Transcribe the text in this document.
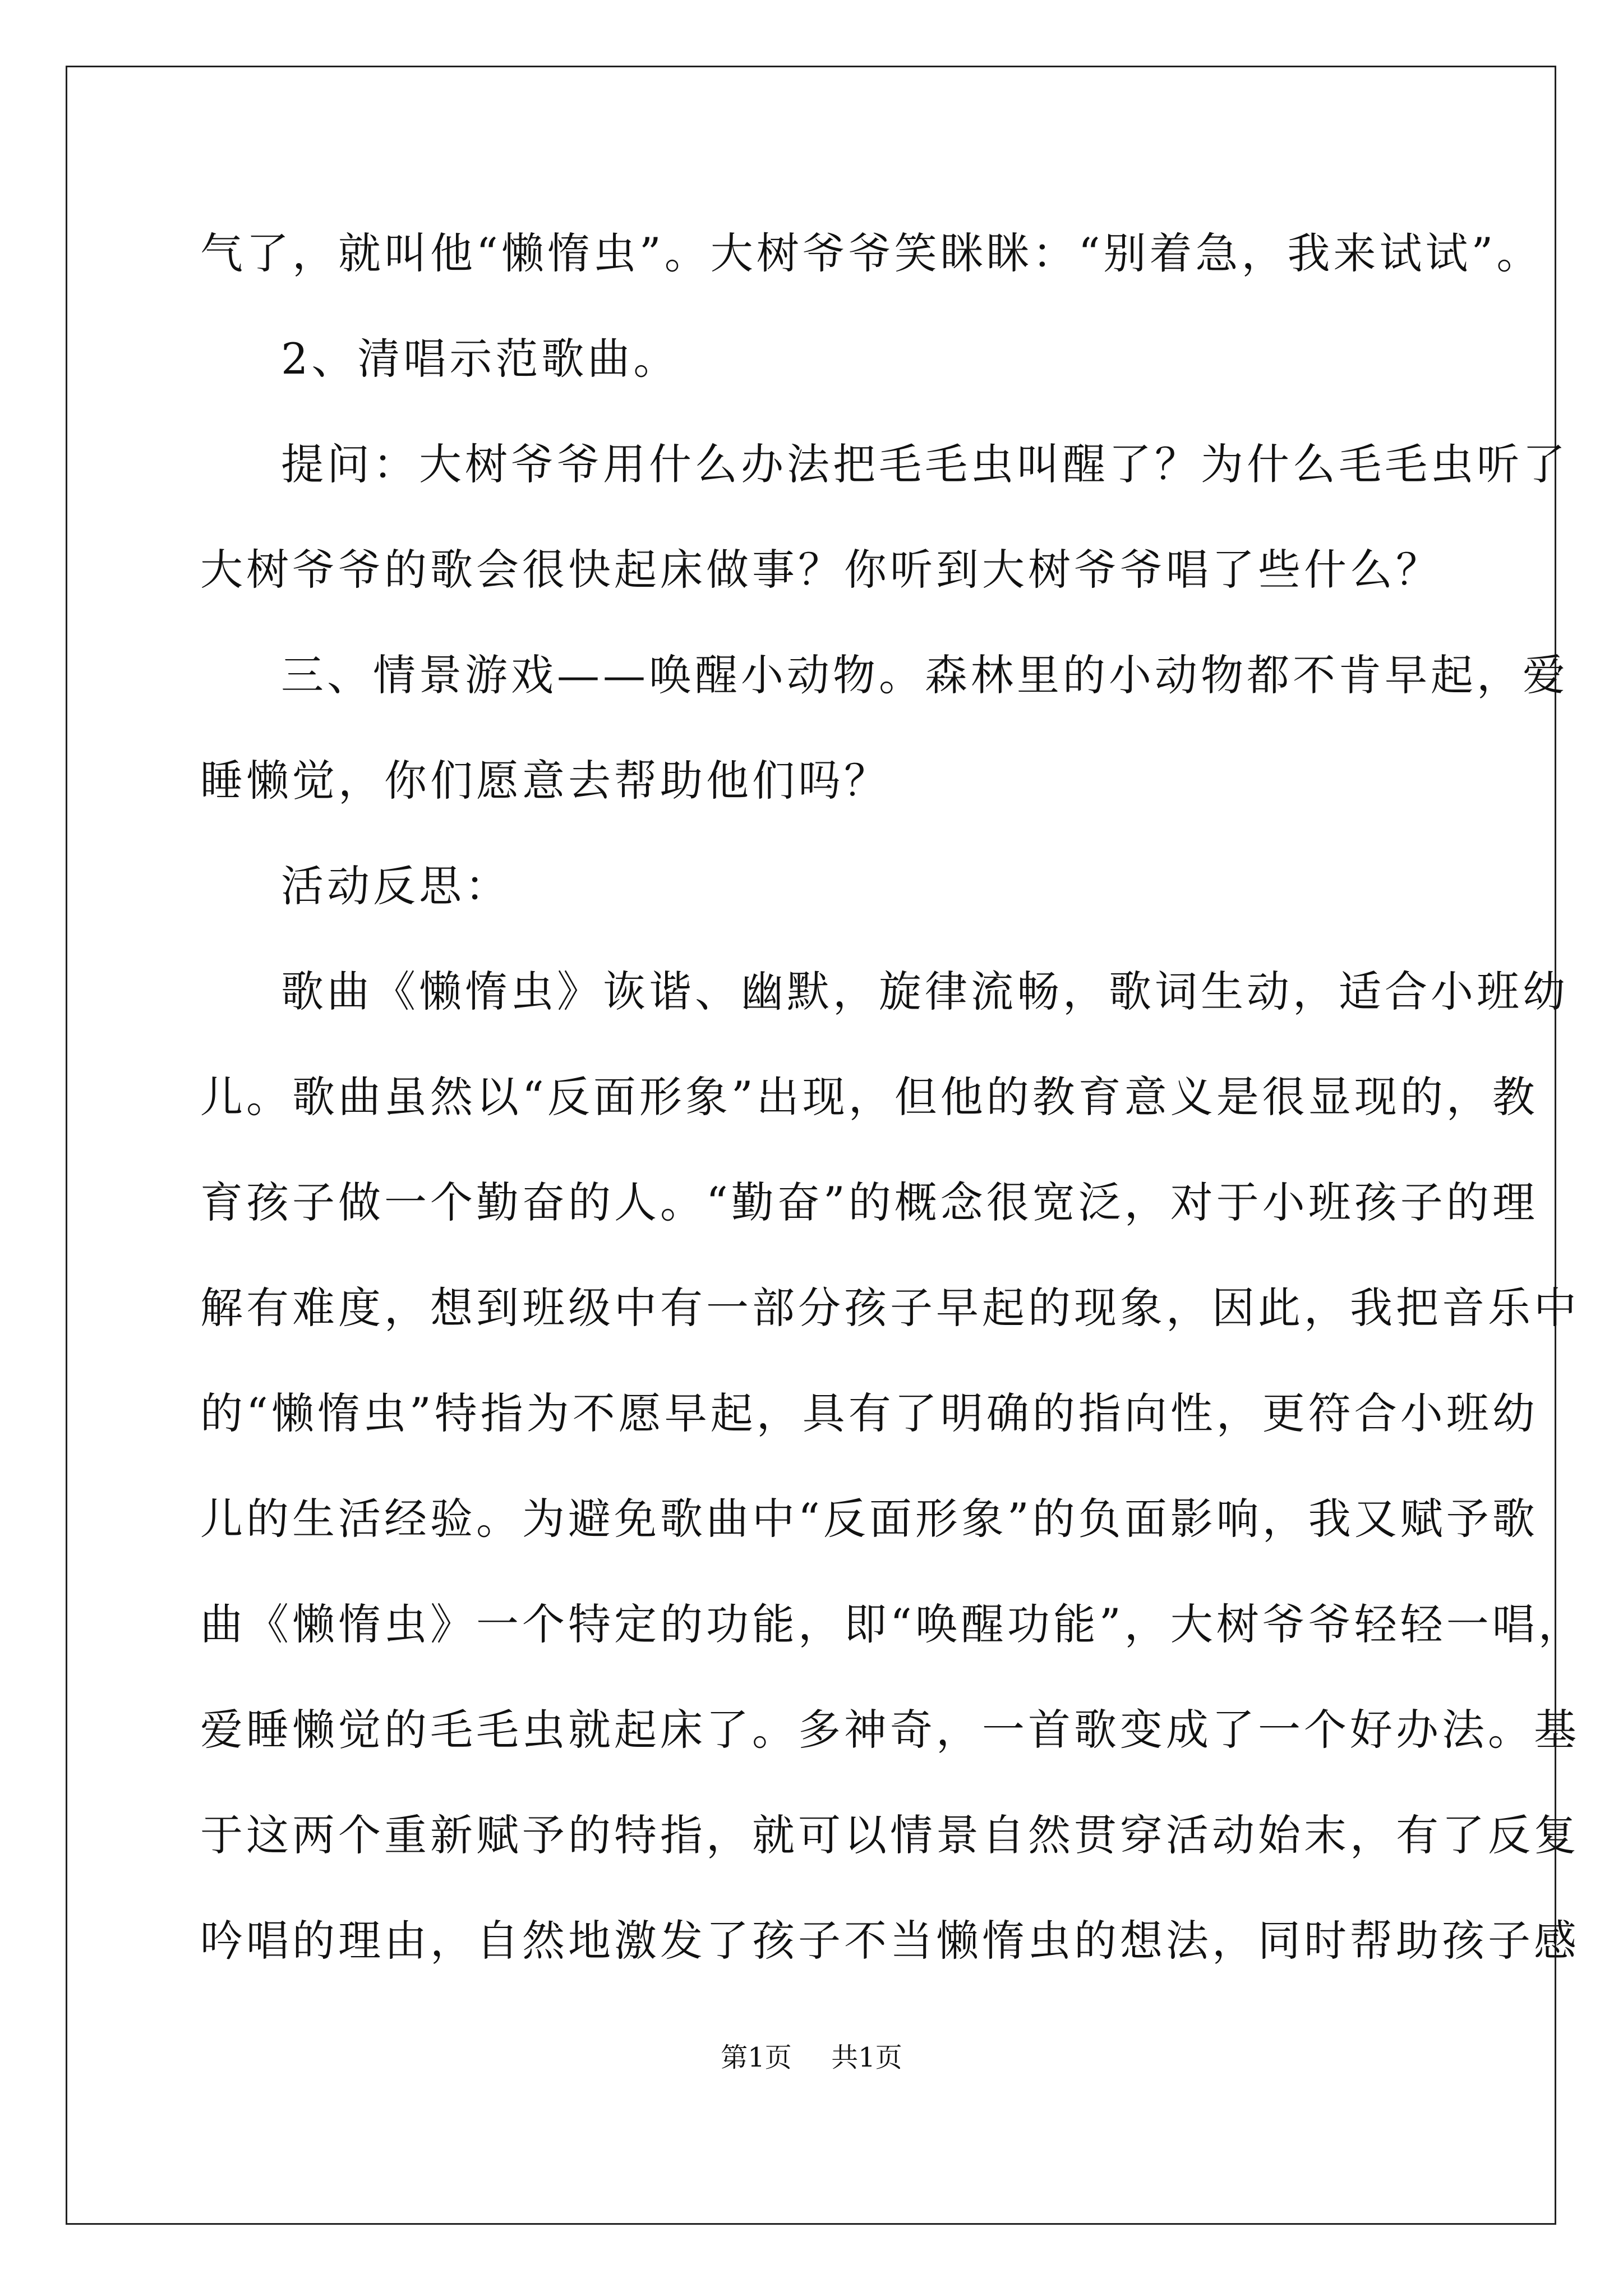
气了，就叫他“懒惰虫”。大树爷爷笑眯眯：“别着急，我来试试”。
2、清唱示范歌曲。
提问：大树爷爷用什么办法把毛毛虫叫醒了？为什么毛毛虫听了
大树爷爷的歌会很快起床做事？你听到大树爷爷唱了些什么？
三、情景游戏——唤醒小动物。森林里的小动物都不肯早起，爱
睡懒觉，你们愿意去帮助他们吗？
活动反思：
歌曲《懒惰虫》诙谐、幽默，旋律流畅，歌词生动，适合小班幼
儿。歌曲虽然以“反面形象”出现，但他的教育意义是很显现的，教
育孩子做一个勤奋的人。“勤奋”的概念很宽泛，对于小班孩子的理
解有难度，想到班级中有一部分孩子早起的现象，因此，我把音乐中
的“懒惰虫”特指为不愿早起，具有了明确的指向性，更符合小班幼
儿的生活经验。为避免歌曲中“反面形象”的负面影响，我又赋予歌
曲《懒惰虫》一个特定的功能，即“唤醒功能”，大树爷爷轻轻一唱，
爱睡懒觉的毛毛虫就起床了。多神奇，一首歌变成了一个好办法。基
于这两个重新赋予的特指，就可以情景自然贯穿活动始末，有了反复
吟唱的理由，自然地激发了孩子不当懒惰虫的想法，同时帮助孩子感
第1页 共1页
